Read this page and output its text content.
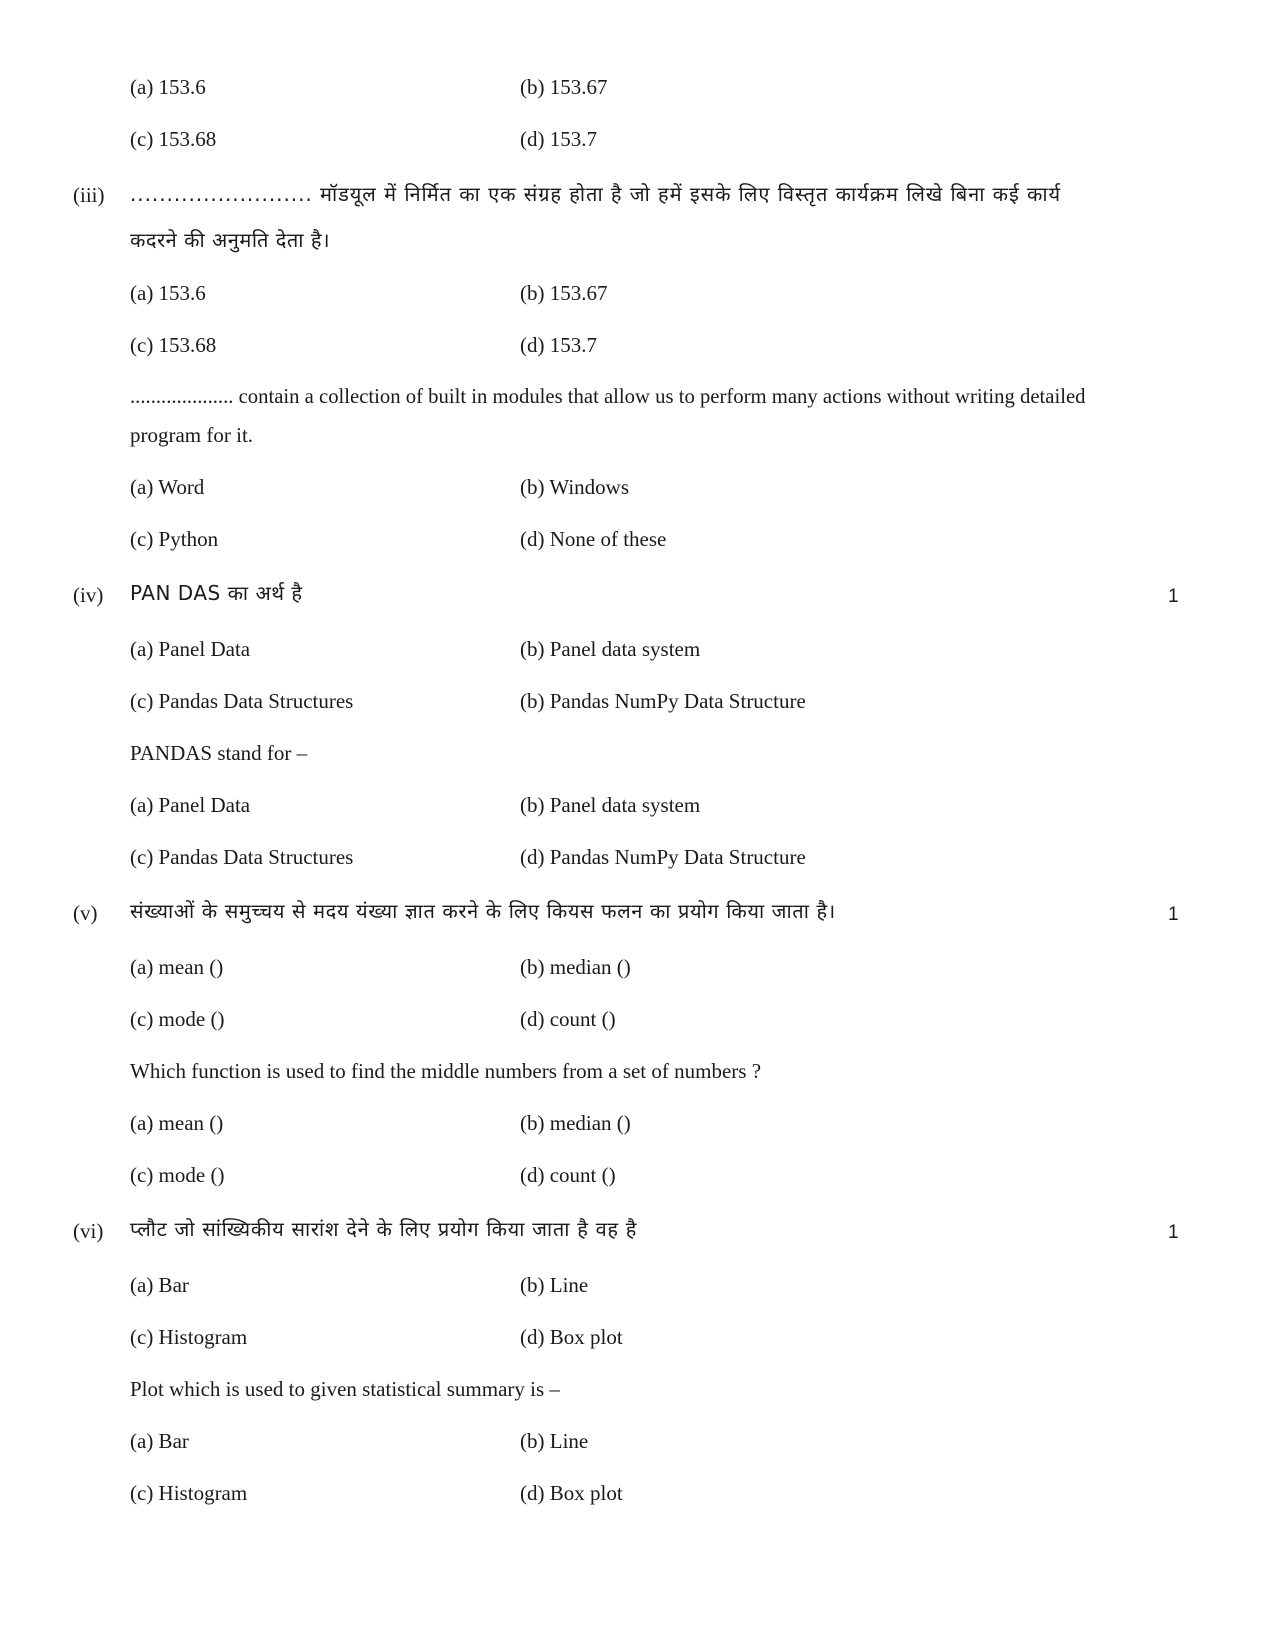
(a) 153.6	(b) 153.67
(c) 153.68	(d) 153.7
(iii) ......................... मॉडयूल में निर्मित का एक संग्रह होता है जो हमें इसके लिए विस्तृत कार्यक्रम लिखे बिना कई कार्य
कदरने की अनुमति देता है।
(a) 153.6	(b) 153.67
(c) 153.68	(d) 153.7
.................... contain a collection of built in modules that allow us to perform many actions without writing detailed
program for it.
(a) Word	(b) Windows
(c) Python	(d) None of these
(iv) PAN DAS का अर्थ है	1
(a) Panel Data	(b) Panel data system
(c) Pandas Data Structures	(b) Pandas NumPy Data Structure
PANDAS stand for –
(a) Panel Data	(b) Panel data system
(c) Pandas Data Structures	(d) Pandas NumPy Data Structure
(v) संख्याओं के समुच्चय से मदय यंख्या ज्ञात करने के लिए कियस फलन का प्रयोग किया जाता है।	1
(a) mean ()	(b) median ()
(c) mode ()	(d) count ()
Which function is used to find the middle numbers from a set of numbers ?
(a) mean ()	(b) median ()
(c) mode ()	(d) count ()
(vi) प्लौट जो सांख्यिकीय सारांश देने के लिए प्रयोग किया जाता है वह है	1
(a) Bar	(b) Line
(c) Histogram	(d) Box plot
Plot which is used to given statistical summary is –
(a) Bar	(b) Line
(c) Histogram	(d) Box plot
